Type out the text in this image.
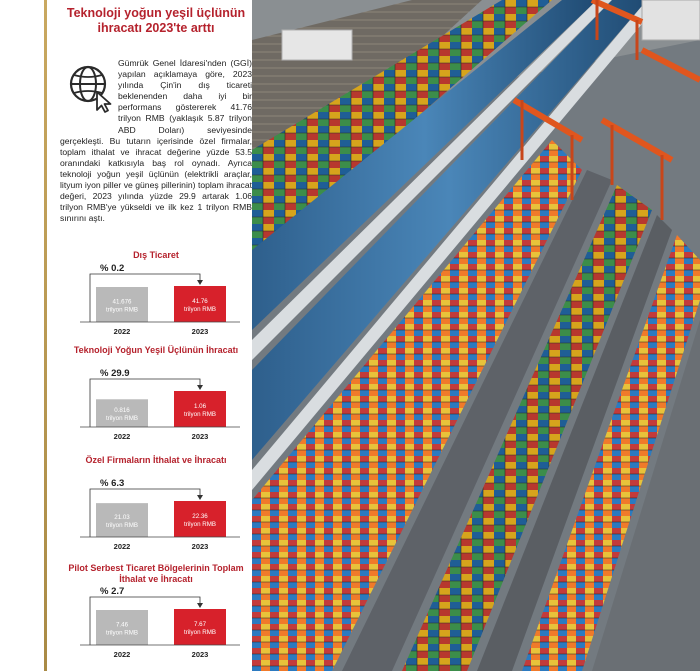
Teknoloji yoğun yeşil üçlünün ihracatı 2023'te arttı

Gümrük Genel İdaresi'nden (GGİ) yapılan açıklamaya göre, 2023 yılında Çin'in dış ticareti beklenenden daha iyi bir performans göstererek 41.76 trilyon RMB (yaklaşık 5.87 trilyon ABD Doları) seviyesinde gerçekleşti. Bu tutarın içerisinde özel firmalar, toplam ithalat ve ihracat değerine yüzde 53.5 oranındaki katkısıyla baş rol oynadı. Ayrıca teknoloji yoğun yeşil üçlünün (elektrikli araçlar, lityum iyon piller ve güneş pillerinin) toplam ihracat değeri, 2023 yılında yüzde 29.9 artarak 1.06 trilyon RMB'ye yükseldi ve ilk kez 1 trilyon RMB sınırını aştı.

Dış Ticaret
41.676 trilyon RMB
2022
41.76 trilyon RMB
2023
% 0.2
Teknoloji Yoğun Yeşil Üçlünün İhracatı
0.816 trilyon RMB
2022
1.06 trilyon RMB
2023
% 29.9
Özel Firmaların İthalat ve İhracatı
21.03 trilyon RMB
2022
22.36 trilyon RMB
2023
% 6.3
Pilot Serbest Ticaret Bölgelerinin Toplam İthalat ve İhracatı
7.46 trilyon RMB
2022
7.67 trilyon RMB
2023
% 2.7
